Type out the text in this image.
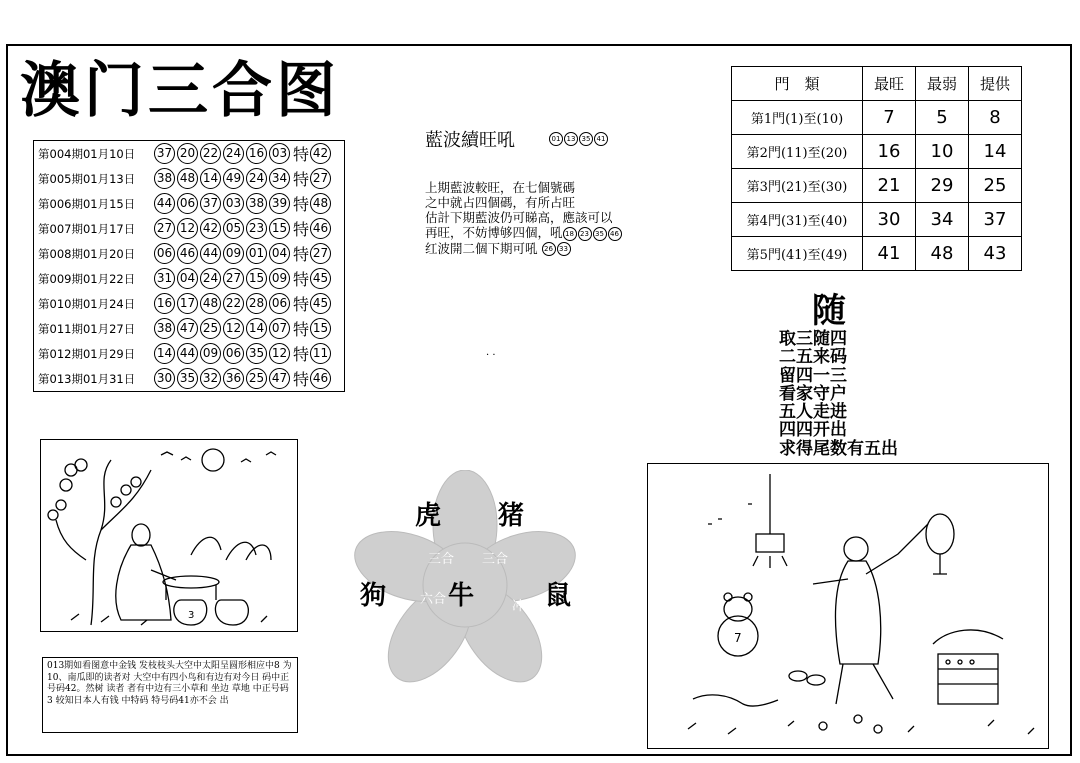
澳门三合图
第004期01月10日	37 20 22 24 16 03 特 42
第005期01月13日	38 48 14 49 24 34 特 27
第006期01月15日	44 06 37 03 38 39 特 48
第007期01月17日	27 12 42 05 23 15 特 46
第008期01月20日	06 46 44 09 01 04 特 27
第009期01月22日	31 04 24 27 15 09 特 45
第010期01月24日	16 17 48 22 28 06 特 45
第011期01月27日	38 47 25 12 14 07 特 15
第012期01月29日	14 44 09 06 35 12 特 11
第013期01月31日	30 35 32 36 25 47 特 46
門　類	最旺	最弱	提供
第1門(1)至(10)	7	5	8
第2門(11)至(20)	16	10	14
第3門(21)至(30)	21	29	25
第4門(31)至(40)	30	34	37
第5門(41)至(49)	41	48	43
藍波續旺吼	01 13 35 41
上期藍波較旺，在七個號碼
之中就占四個碼，有所占旺
估計下期藍波仍可睇高，應該可以
再旺，不妨博够四個，吼 18 23 35 46
红波開二個下期可吼 26 33
· ·
随
取三随四
二五来码
留四一三
看家守户
五人走进
四四开出
求得尾数有五出
3
7
013期如看图意中金钱 发枝枝头大空中太阳呈圆形相应中8 为10、南瓜即的读者对 大空中有四小鸟和有边有对今日 码中正号码42。然树 读者 者有中边有三小草和 坐边 草地 中正号码3 较知日本人有钱 中特码 特号码41亦不会 出
虎 猪
狗 牛	鼠
三合 三合
六合	冲
